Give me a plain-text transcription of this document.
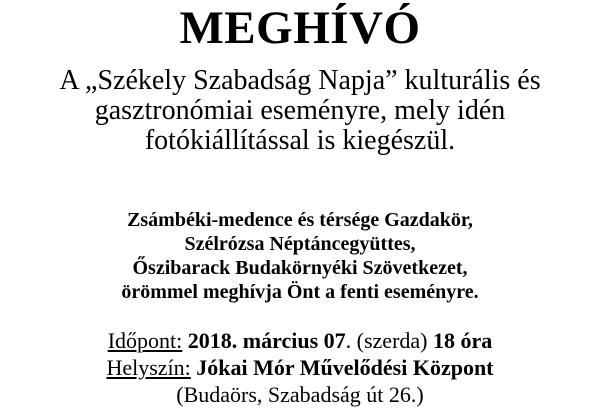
MEGHÍVÓ
A „Székely Szabadság Napja” kulturális és
gasztronómiai eseményre, mely idén
fotókiállítással is kiegészül.
Zsámbéki-medence és térsége Gazdakör,
Szélrózsa Néptáncegyüttes,
Őszibarack Budakörnyéki Szövetkezet,
örömmel meghívja Önt a fenti eseményre.
Időpont: 2018. március 07. (szerda) 18 óra
Helyszín: Jókai Mór Művelődési Központ
(Budaörs, Szabadság út 26.)
